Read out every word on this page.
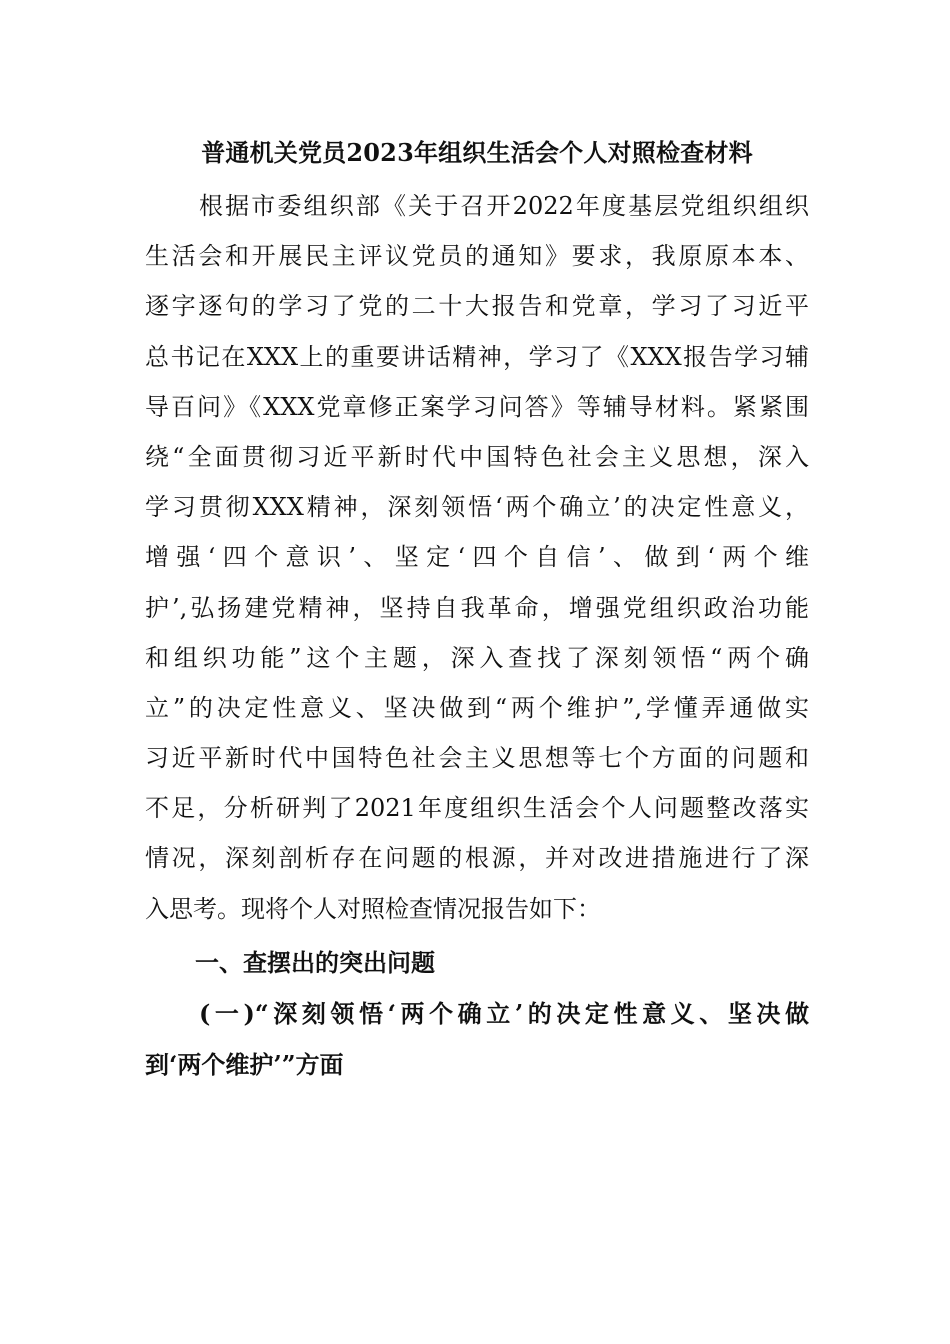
普通机关党员2023年组织生活会个人对照检查材料
根据市委组织部《关于召开2022年度基层党组织组织
生活会和开展民主评议党员的通知》要求，我原原本本、
逐字逐句的学习了党的二十大报告和党章，学习了习近平
总书记在XXX上的重要讲话精神，学习了《XXX报告学习辅
导百问》《XXX党章修正案学习问答》等辅导材料。紧紧围
绕“全面贯彻习近平新时代中国特色社会主义思想，深入
学习贯彻XXX精神，深刻领悟‘两个确立’的决定性意义，
增强‘四个意识’、坚定‘四个自信’、做到‘两个维
护’,弘扬建党精神，坚持自我革命，增强党组织政治功能
和组织功能”这个主题，深入查找了深刻领悟“两个确
立”的决定性意义、坚决做到“两个维护”,学懂弄通做实
习近平新时代中国特色社会主义思想等七个方面的问题和
不足，分析研判了2021年度组织生活会个人问题整改落实
情况，深刻剖析存在问题的根源，并对改进措施进行了深
入思考。现将个人对照检查情况报告如下：
一、查摆出的突出问题
(一)“深刻领悟‘两个确立’的决定性意义、坚决做
到‘两个维护’”方面
